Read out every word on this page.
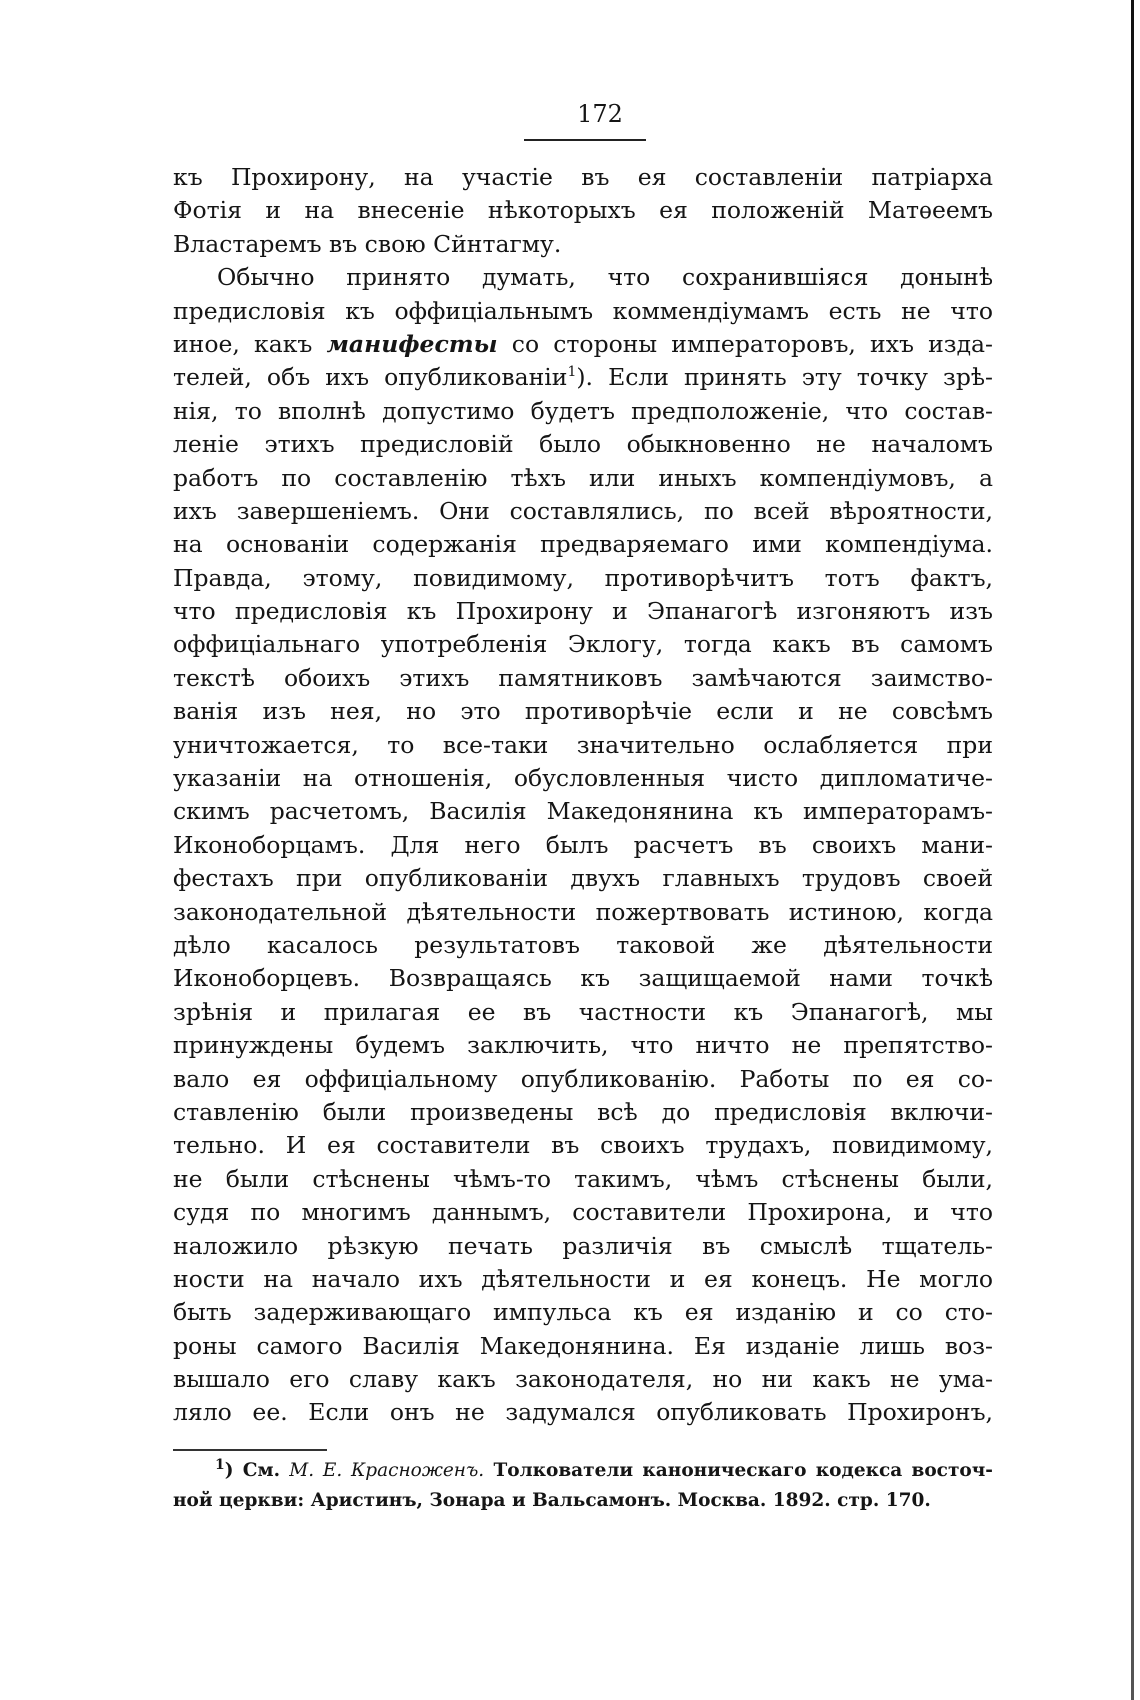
172
къ Прохирону, на участіе въ ея составленіи патріарха
Фотія и на внесеніе нѣкоторыхъ ея положеній Матѳеемъ
Властаремъ въ свою Сйнтагму.
Обычно принято думать, что сохранившіяся донынѣ
предисловія къ оффиціальнымъ коммендіумамъ есть не что
иное, какъ манифесты со стороны императоровъ, ихъ изда-
телей, объ ихъ опубликованіи$^1$). Если принять эту точку зрѣ-
нія, то вполнѣ допустимо будетъ предположеніе, что состав-
леніе этихъ предисловій было обыкновенно не началомъ
работъ по составленію тѣхъ или иныхъ компендіумовъ, а
ихъ завершеніемъ. Они составлялись, по всей вѣроятности,
на основаніи содержанія предваряемаго ими компендіума.
Правда, этому, повидимому, противорѣчитъ тотъ фактъ,
что предисловія къ Прохирону и Эпанагогѣ изгоняютъ изъ
оффиціальнаго употребленія Эклогу, тогда какъ въ самомъ
текстѣ обоихъ этихъ памятниковъ замѣчаются заимство-
ванія изъ нея, но это противорѣчіе если и не совсѣмъ
уничтожается, то все-таки значительно ослабляется при
указаніи на отношенія, обусловленныя чисто дипломатиче-
скимъ расчетомъ, Василія Македонянина къ императорамъ-
Иконоборцамъ. Для него былъ расчетъ въ своихъ мани-
фестахъ при опубликованіи двухъ главныхъ трудовъ своей
законодательной дѣятельности пожертвовать истиною, когда
дѣло касалось результатовъ таковой же дѣятельности
Иконоборцевъ. Возвращаясь къ защищаемой нами точкѣ
зрѣнія и прилагая ее въ частности къ Эпанагогѣ, мы
принуждены будемъ заключить, что ничто не препятство-
вало ея оффиціальному опубликованію. Работы по ея со-
ставленію были произведены всѣ до предисловія включи-
тельно. И ея составители въ своихъ трудахъ, повидимому,
не были стѣснены чѣмъ-то такимъ, чѣмъ стѣснены были,
судя по многимъ даннымъ, составители Прохирона, и что
наложило рѣзкую печать различія въ смыслѣ тщатель-
ности на начало ихъ дѣятельности и ея конецъ. Не могло
быть задерживающаго импульса къ ея изданію и со сто-
роны самого Василія Македонянина. Ея изданіе лишь воз-
вышало его славу какъ законодателя, но ни какъ не ума-
ляло ее. Если онъ не задумался опубликовать Прохиронъ,
$^1$) См. М. Е. Красноженъ. Толкователи каноническаго кодекса восточ-
ной церкви: Аристинъ, Зонара и Вальсамонъ. Москва. 1892. стр. 170.
